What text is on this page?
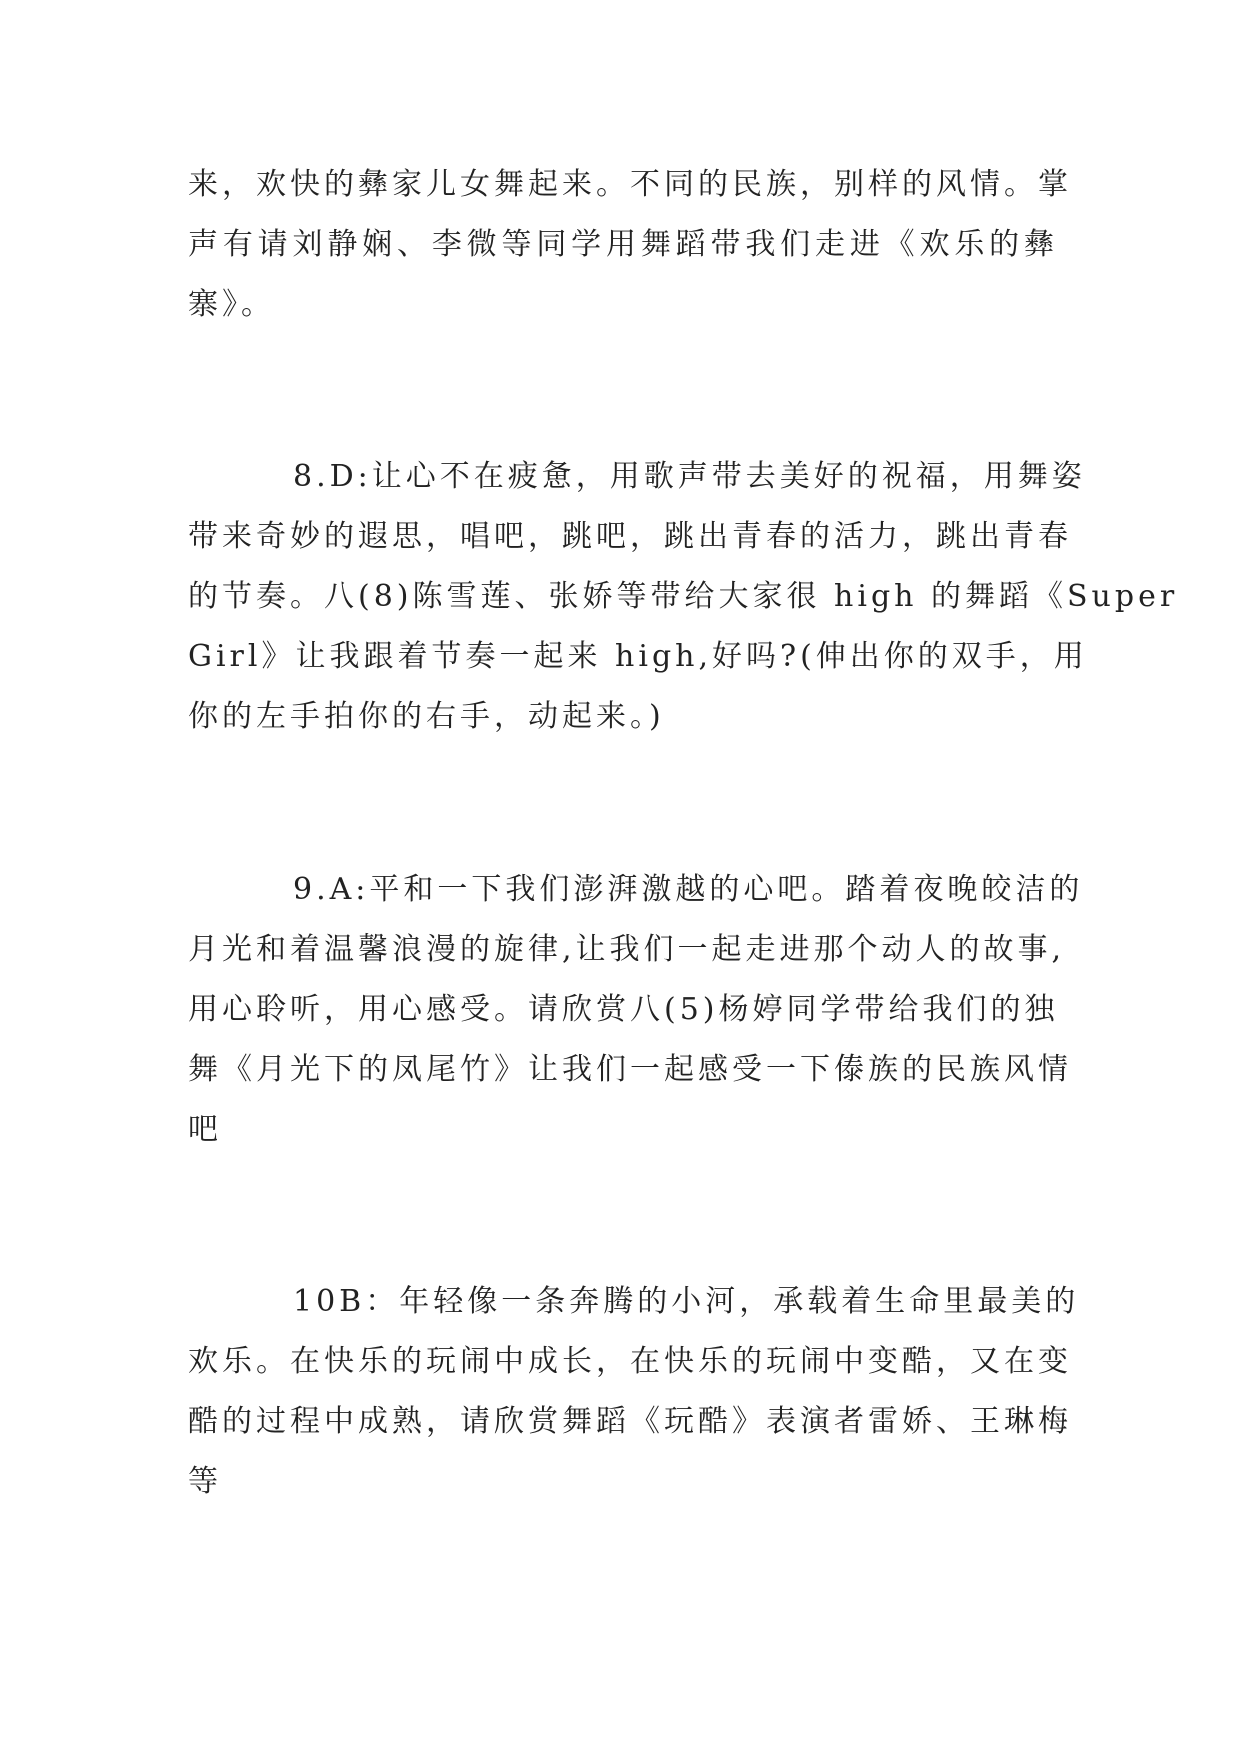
来，欢快的彝家儿女舞起来。不同的民族，别样的风情。掌
声有请刘静娴、李微等同学用舞蹈带我们走进《欢乐的彝
寨》。
8.D:让心不在疲惫，用歌声带去美好的祝福，用舞姿
带来奇妙的遐思，唱吧，跳吧，跳出青春的活力，跳出青春
的节奏。八(8)陈雪莲、张娇等带给大家很 high 的舞蹈《Super
Girl》让我跟着节奏一起来 high,好吗?(伸出你的双手，用
你的左手拍你的右手，动起来。)
9.A:平和一下我们澎湃激越的心吧。踏着夜晚皎洁的
月光和着温馨浪漫的旋律,让我们一起走进那个动人的故事,
用心聆听，用心感受。请欣赏八(5)杨婷同学带给我们的独
舞《月光下的凤尾竹》让我们一起感受一下傣族的民族风情
吧
10B：年轻像一条奔腾的小河，承载着生命里最美的
欢乐。在快乐的玩闹中成长，在快乐的玩闹中变酷，又在变
酷的过程中成熟，请欣赏舞蹈《玩酷》表演者雷娇、王琳梅
等
